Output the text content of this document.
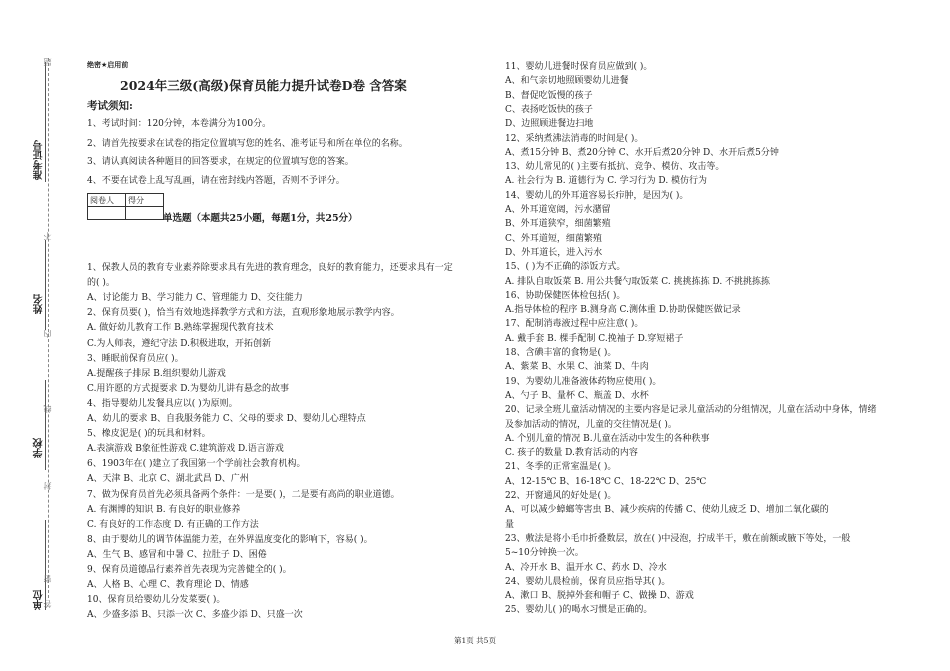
准考证号
姓名
学校
单位
题
不
内
线
封
密
答
绝密★启用前
2024年三级(高级)保育员能力提升试卷D卷 含答案
考试须知:
1、考试时间：120分钟，本卷满分为100分。
2、请首先按要求在试卷的指定位置填写您的姓名、准考证号和所在单位的名称。
3、请认真阅读各种题目的回答要求，在规定的位置填写您的答案。
4、不要在试卷上乱写乱画，请在密封线内答题，否则不予评分。
阅卷人	得分

单选题（本题共25小题，每题1分，共25分）
1、保教人员的教育专业素养除要求具有先进的教育理念，良好的教育能力，还要求具有一定
的( )。
A、讨论能力 B、学习能力 C、管理能力 D、交往能力
2、保育员要( )，恰当有效地选择教学方式和方法，直观形象地展示教学内容。
A. 做好幼儿教育工作 B.熟练掌握现代教育技术
C.为人师表，遵纪守法 D.积极进取，开拓创新
3、睡眠前保育员应( )。
A.提醒孩子排尿 B.组织婴幼儿游戏
C.用许愿的方式提要求 D.为婴幼儿讲有悬念的故事
4、指导婴幼儿发餐具应以( )为原则。
A、幼儿的要求 B、自我服务能力 C、父母的要求 D、婴幼儿心理特点
5、橡皮泥是( )的玩具和材料。
A.表演游戏 B象征性游戏 C.建筑游戏 D.语言游戏
6、1903年在( )建立了我国第一个学前社会教育机构。
A、天津 B、北京 C、湖北武昌 D、广州
7、做为保育员首先必须具备两个条件：一是要( )，二是要有高尚的职业道德。
A. 有渊博的知识 B. 有良好的职业修养
C. 有良好的工作态度 D. 有正确的工作方法
8、由于婴幼儿的调节体温能力差，在外界温度变化的影响下，容易( )。
A、生气 B、感冒和中暑 C、拉肚子 D、困倦
9、保育员道德品行素养首先表现为完善健全的( )。
A、人格 B、心理 C、教育理论 D、情感
10、保育员给婴幼儿分发菜要( )。
A、少盛多添 B、只添一次 C、多盛少添 D、只盛一次
11、婴幼儿进餐时保育员应做到( )。
A、和气亲切地照顾婴幼儿进餐
B、督促吃饭慢的孩子
C、表扬吃饭快的孩子
D、边照顾进餐边扫地
12、采纳煮沸法消毒的时间是( )。
A、煮15分钟 B、煮20分钟 C、水开后煮20分钟 D、水开后煮5分钟
13、幼儿常见的( )主要有抵抗、竞争、模仿、攻击等。
A. 社会行为 B. 道德行为 C. 学习行为 D. 模仿行为
14、婴幼儿的外耳道容易长疖肿，是因为( )。
A、外耳道宽阔，污水潴留
B、外耳道狭窄，细菌繁殖
C、外耳道短，细菌繁殖
D、外耳道长，进入污水
15、( )为不正确的添饭方式。
A. 排队自取饭菜 B. 用公共餐勺取饭菜 C. 挑挑拣拣 D. 不挑挑拣拣
16、协助保健医体检包括( )。
A.指导体检的程序 B.测身高 C.测体重 D.协助保健医做记录
17、配制消毒液过程中应注意( )。
A. 戴手套 B. 棵手配制 C.挽袖子 D.穿短裙子
18、含碘丰富的食物是( )。
A、紫菜 B、水果 C、油菜 D、牛肉
19、为婴幼儿准备液体药物应使用( )。
A、勺子 B、量杯 C、瓶盖 D、水杯
20、记录全班儿童活动情况的主要内容是记录儿童活动的分组情况，儿童在活动中身体，情绪
及参加活动的情况，儿童的交往情况是( )。
A. 个别儿童的情况 B.儿童在活动中发生的各种秩事
C. 孩子的数量 D.教育活动的内容
21、冬季的正常室温是( )。
A、12-15℃ B、16-18℃ C、18-22℃ D、25℃
22、开窗通风的好处是( )。
A、可以减少蟑螂等害虫 B、减少疾病的传播 C、使幼儿疲乏 D、增加二氧化碳的
量
23、敷法是将小毛巾折叠数层，放在( )中浸泡，拧成半干，敷在前额或腋下等处，一般
5~10分钟换一次。
A、冷开水 B、温开水 C、药水 D、冷水
24、婴幼儿晨检前，保育员应指导其( )。
A、漱口 B、脱掉外套和帽子 C、做操 D、游戏
25、婴幼儿( )的喝水习惯是正确的。
第1页 共5页
